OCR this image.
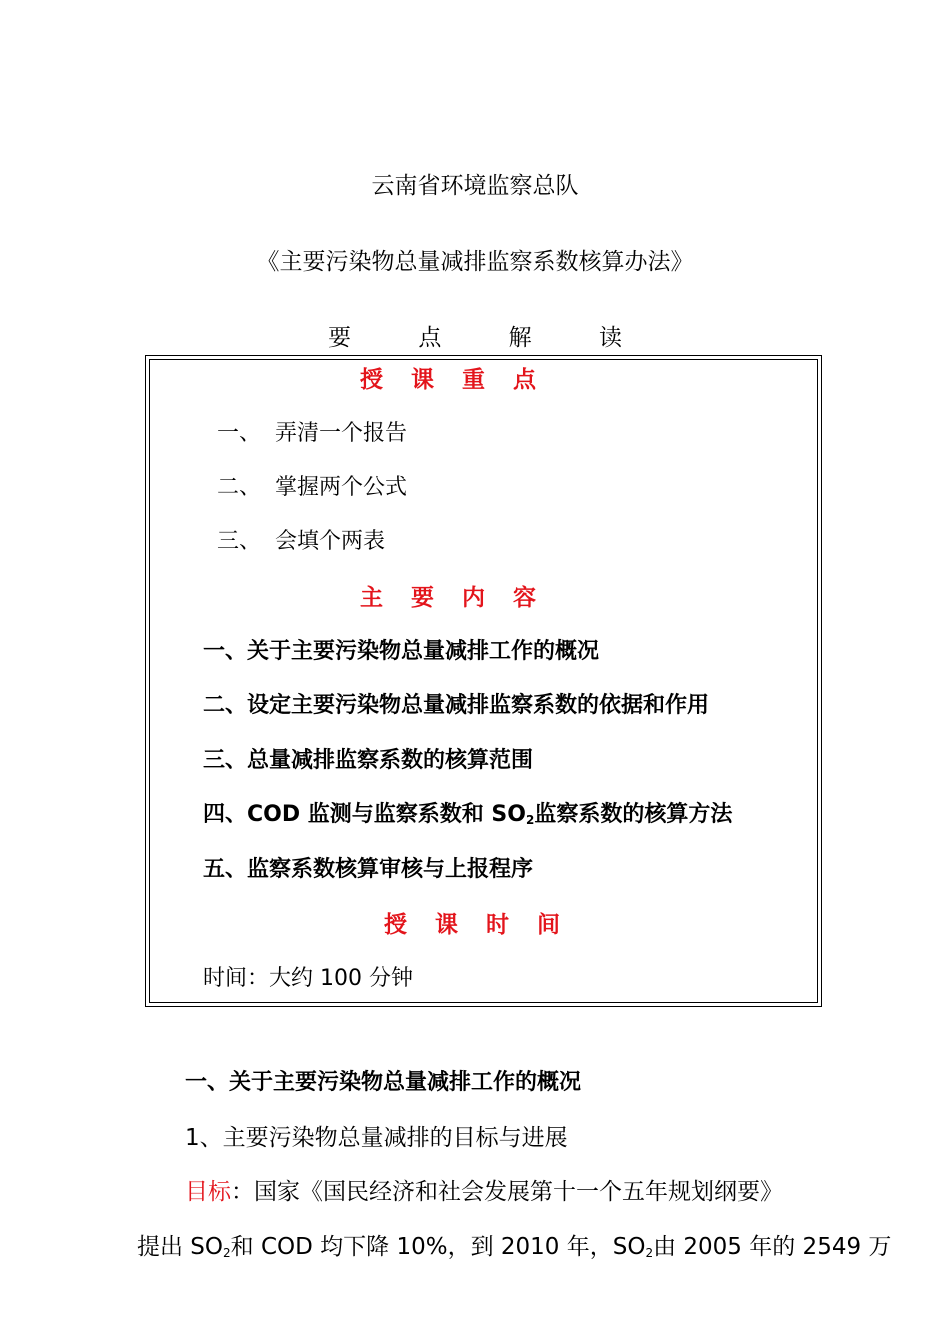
云南省环境监察总队
《主要污染物总量减排监察系数核算办法》
要 点 解 读
授 课 重 点
一、 弄清一个报告
二、 掌握两个公式
三、 会填个两表
主 要 内 容
一、关于主要污染物总量减排工作的概况
二、设定主要污染物总量减排监察系数的依据和作用
三、总量减排监察系数的核算范围
四、COD 监测与监察系数和 $SO_2$监察系数的核算方法
五、监察系数核算审核与上报程序
授 课 时 间
时间：大约 100 分钟
一、关于主要污染物总量减排工作的概况
1、主要污染物总量减排的目标与进展
目标：国家《国民经济和社会发展第十一个五年规划纲要》
提出 $SO_2$和 COD 均下降 10%，到 2010 年，$SO_2$由 2005 年的 2549 万
